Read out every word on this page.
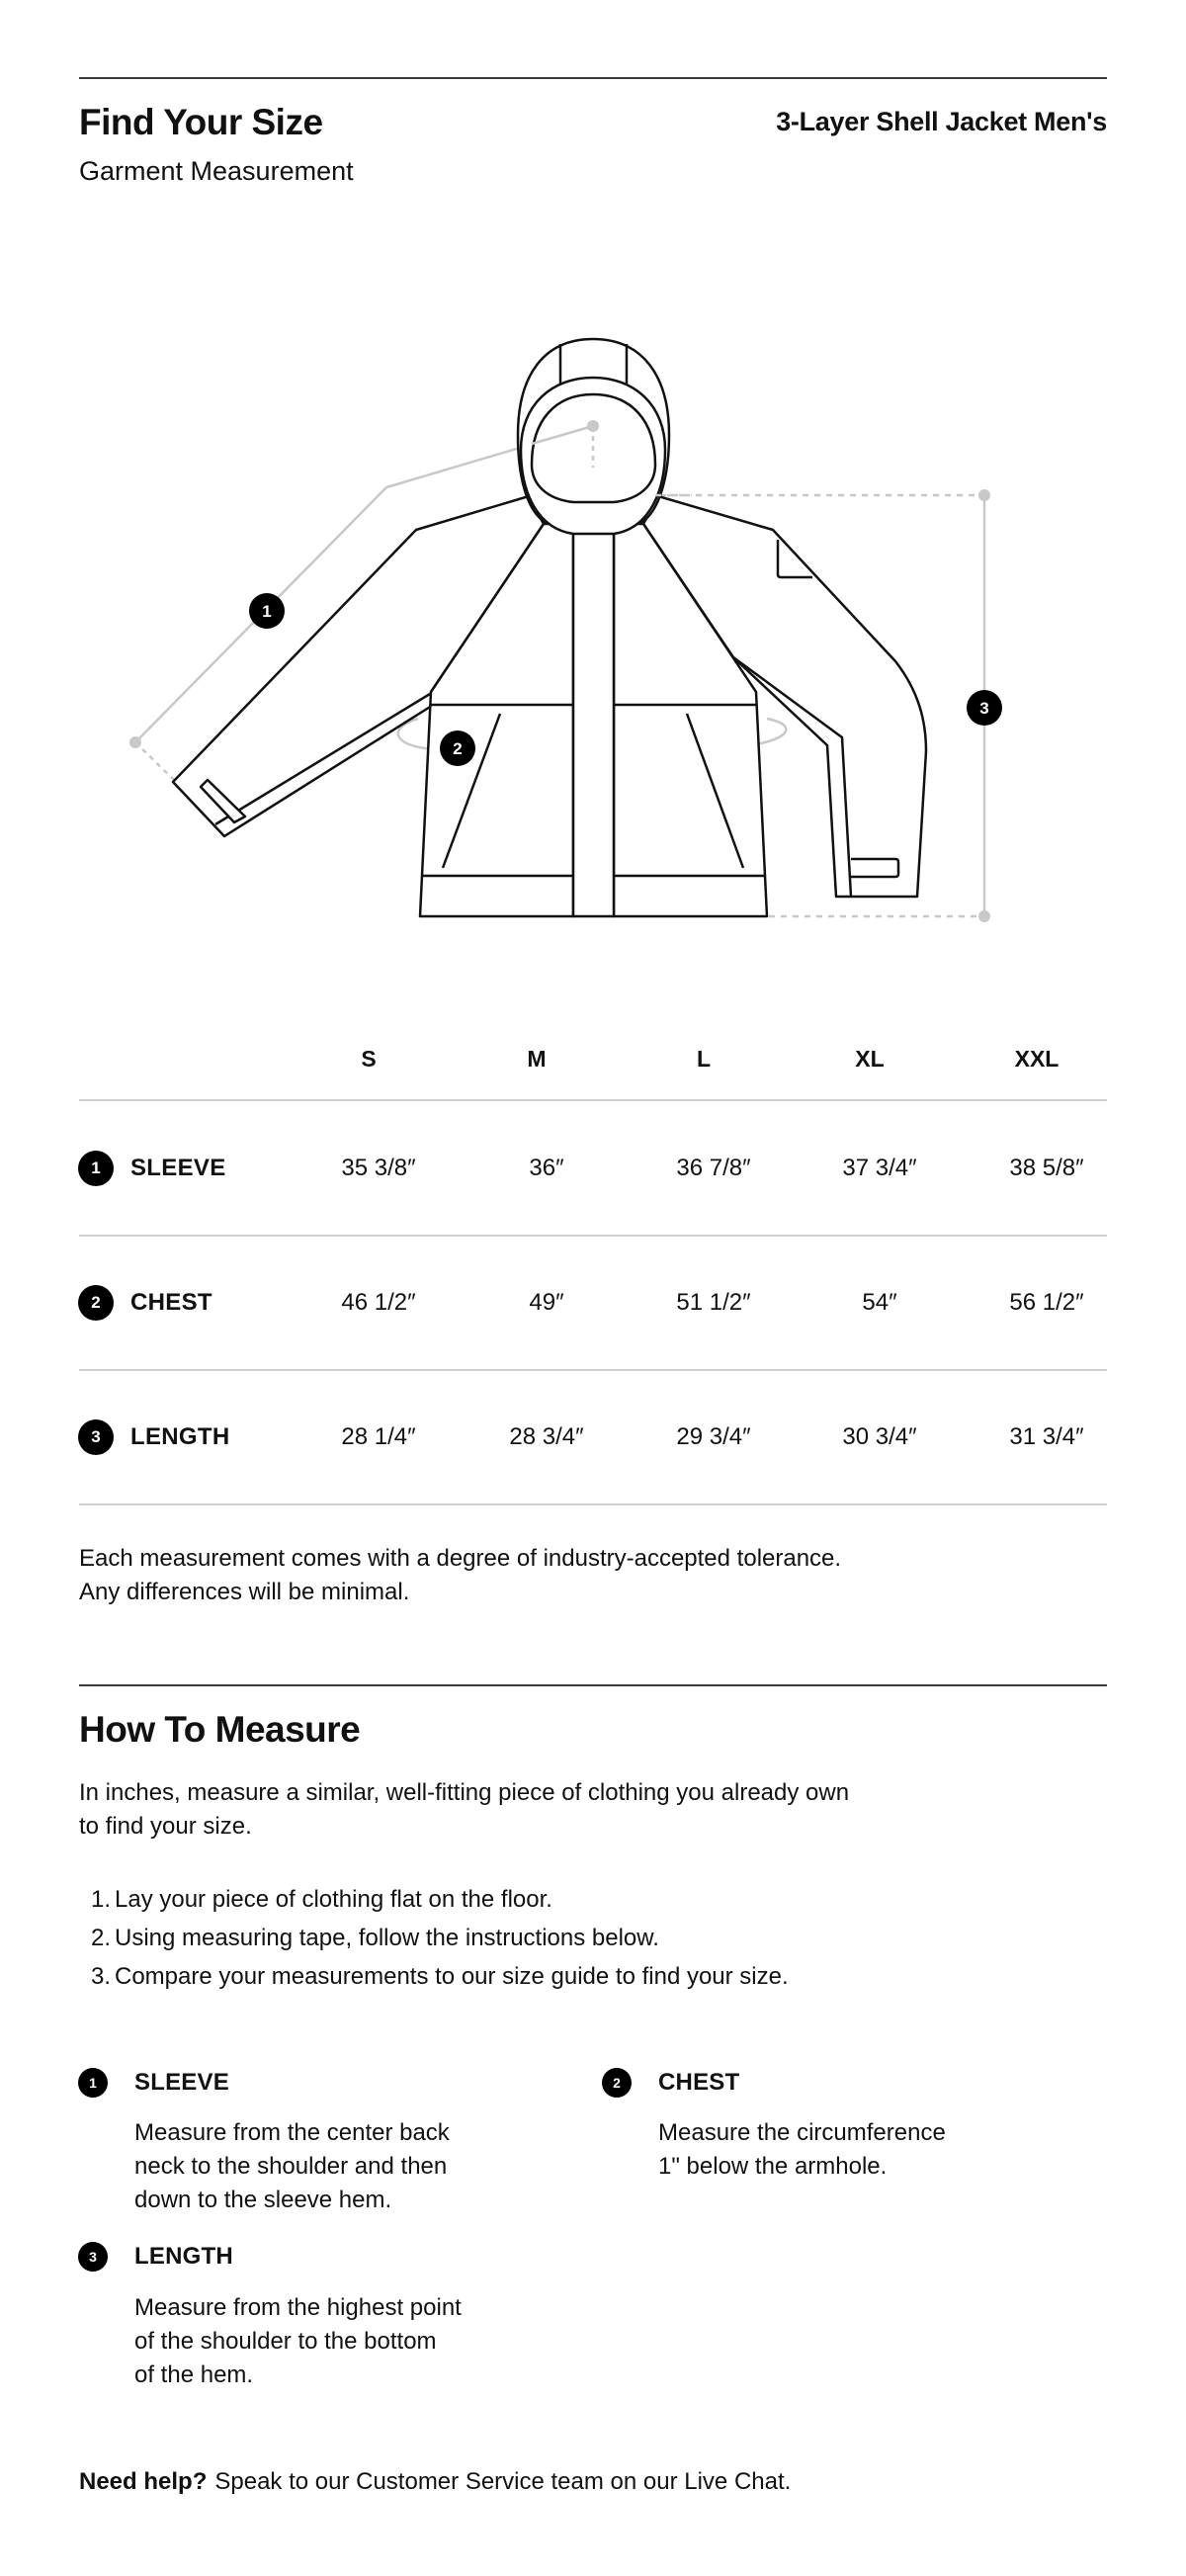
Find Your Size
Garment Measurement
3-Layer Shell Jacket Men's
1
2
3
S	M	L	XL	XXL
1	SLEEVE	35 3/8″	36″	36 7/8″	37 3/4″	38 5/8″
2	CHEST	46 1/2″	49″	51 1/2″	54″	56 1/2″
3	LENGTH	28 1/4″	28 3/4″	29 3/4″	30 3/4″	31 3/4″
Each measurement comes with a degree of industry-accepted tolerance.
Any differences will be minimal.
How To Measure
In inches, measure a similar, well-fitting piece of clothing you already own
to find your size.
1. Lay your piece of clothing flat on the floor.
2. Using measuring tape, follow the instructions below.
3. Compare your measurements to our size guide to find your size.
1	SLEEVE
Measure from the center back
neck to the shoulder and then
down to the sleeve hem.
2	CHEST
Measure the circumference
1" below the armhole.
3	LENGTH
Measure from the highest point
of the shoulder to the bottom
of the hem.
Need help? Speak to our Customer Service team on our Live Chat.
